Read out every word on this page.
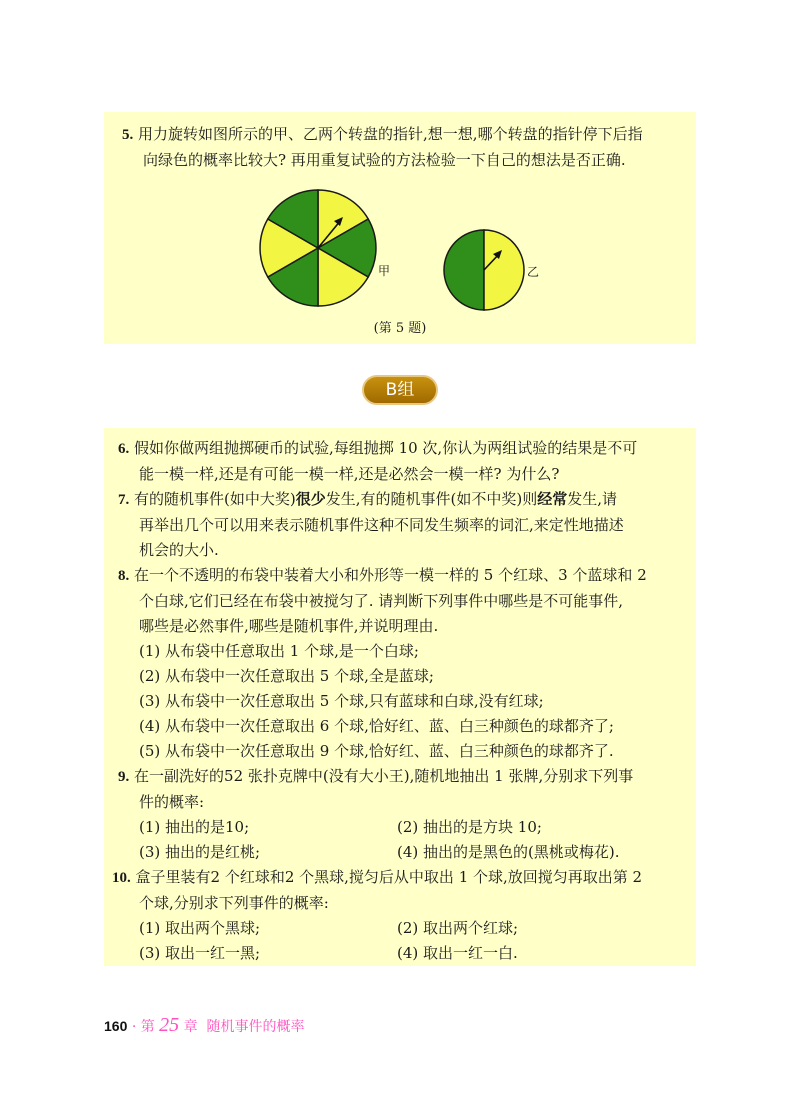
5. 用力旋转如图所示的甲、乙两个转盘的指针,想一想,哪个转盘的指针停下后指
向绿色的概率比较大? 再用重复试验的方法检验一下自己的想法是否正确.
(第 5 题)
甲	乙
B组
6. 假如你做两组抛掷硬币的试验,每组抛掷 10 次,你认为两组试验的结果是不可
能一模一样,还是有可能一模一样,还是必然会一模一样? 为什么?
7. 有的随机事件(如中大奖)很少发生,有的随机事件(如不中奖)则经常发生,请
再举出几个可以用来表示随机事件这种不同发生频率的词汇,来定性地描述
机会的大小.
8. 在一个不透明的布袋中装着大小和外形等一模一样的 5 个红球、3 个蓝球和 2
个白球,它们已经在布袋中被搅匀了. 请判断下列事件中哪些是不可能事件,
哪些是必然事件,哪些是随机事件,并说明理由.
(1) 从布袋中任意取出 1 个球,是一个白球;
(2) 从布袋中一次任意取出 5 个球,全是蓝球;
(3) 从布袋中一次任意取出 5 个球,只有蓝球和白球,没有红球;
(4) 从布袋中一次任意取出 6 个球,恰好红、蓝、白三种颜色的球都齐了;
(5) 从布袋中一次任意取出 9 个球,恰好红、蓝、白三种颜色的球都齐了.
9. 在一副洗好的52 张扑克牌中(没有大小王),随机地抽出 1 张牌,分别求下列事
件的概率:
(1) 抽出的是10;	(2) 抽出的是方块 10;
(3) 抽出的是红桃;	(4) 抽出的是黑色的(黑桃或梅花).
10. 盒子里装有2 个红球和2 个黑球,搅匀后从中取出 1 个球,放回搅匀再取出第 2
个球,分别求下列事件的概率:
(1) 取出两个黑球;	(2) 取出两个红球;
(3) 取出一红一黑;	(4) 取出一红一白.
160 · 第 25 章 随机事件的概率
